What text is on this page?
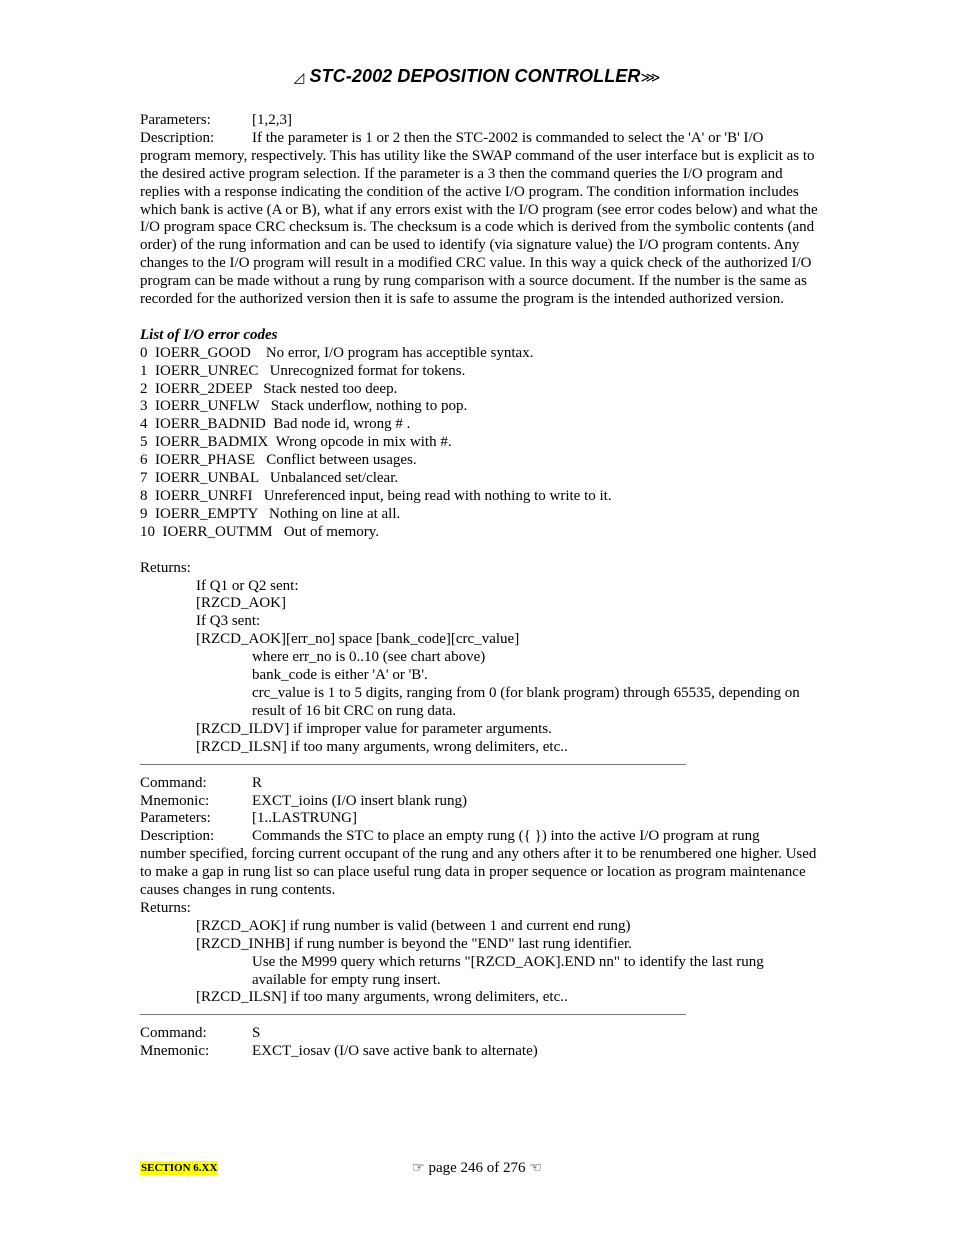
◿ STC-2002 DEPOSITION CONTROLLER⋙
Parameters:	[1,2,3]
Description:	If the parameter is 1 or 2 then the STC-2002 is commanded to select the 'A' or 'B' I/O

program memory, respectively. This has utility like the SWAP command of the user interface but is explicit as to the desired active program selection. If the parameter is a 3 then the command queries the I/O program and replies with a response indicating the condition of the active I/O program. The condition information includes which bank is active (A or B), what if any errors exist with the I/O program (see error codes below) and what the I/O program space CRC checksum is. The checksum is a code which is derived from the symbolic contents (and order) of the rung information and can be used to identify (via signature value) the I/O program contents. Any changes to the I/O program will result in a modified CRC value. In this way a quick check of the authorized I/O program can be made without a rung by rung comparison with a source document. If the number is the same as recorded for the authorized version then it is safe to assume the program is the intended authorized version.

List of I/O error codes
0  IOERR_GOOD    No error, I/O program has acceptible syntax.
1  IOERR_UNREC   Unrecognized format for tokens.
2  IOERR_2DEEP   Stack nested too deep.
3  IOERR_UNFLW   Stack underflow, nothing to pop.
4  IOERR_BADNID  Bad node id, wrong # .
5  IOERR_BADMIX  Wrong opcode in mix with #.
6  IOERR_PHASE   Conflict between usages.
7  IOERR_UNBAL   Unbalanced set/clear.
8  IOERR_UNRFI   Unreferenced input, being read with nothing to write to it.
9  IOERR_EMPTY   Nothing on line at all.
10  IOERR_OUTMM   Out of memory.
Returns:
If Q1 or Q2 sent:
[RZCD_AOK]
If Q3 sent:
[RZCD_AOK][err_no] space [bank_code][crc_value]
where err_no is 0..10 (see chart above)
bank_code is either 'A' or 'B'.
crc_value is 1 to 5 digits, ranging from 0 (for blank program) through 65535, depending on result of 16 bit CRC on rung data.
[RZCD_ILDV] if improper value for parameter arguments.
[RZCD_ILSN] if too many arguments, wrong delimiters, etc..
Command:	R
Mnemonic:	EXCT_ioins (I/O insert blank rung)
Parameters:	[1..LASTRUNG]
Description:	Commands the STC to place an empty rung ({ }) into the active I/O program at rung

number specified, forcing current occupant of the rung and any others after it to be renumbered one higher. Used to make a gap in rung list so can place useful rung data in proper sequence or location as program maintenance causes changes in rung contents.

Returns:
[RZCD_AOK] if rung number is valid (between 1 and current end rung)
[RZCD_INHB] if rung number is beyond the "END" last rung identifier.
Use the M999 query which returns "[RZCD_AOK].END nn" to identify the last rung available for empty rung insert.
[RZCD_ILSN] if too many arguments, wrong delimiters, etc..
Command:	S
Mnemonic:	EXCT_iosav (I/O save active bank to alternate)
SECTION 6.XX	☞ page 246 of 276 ☜
